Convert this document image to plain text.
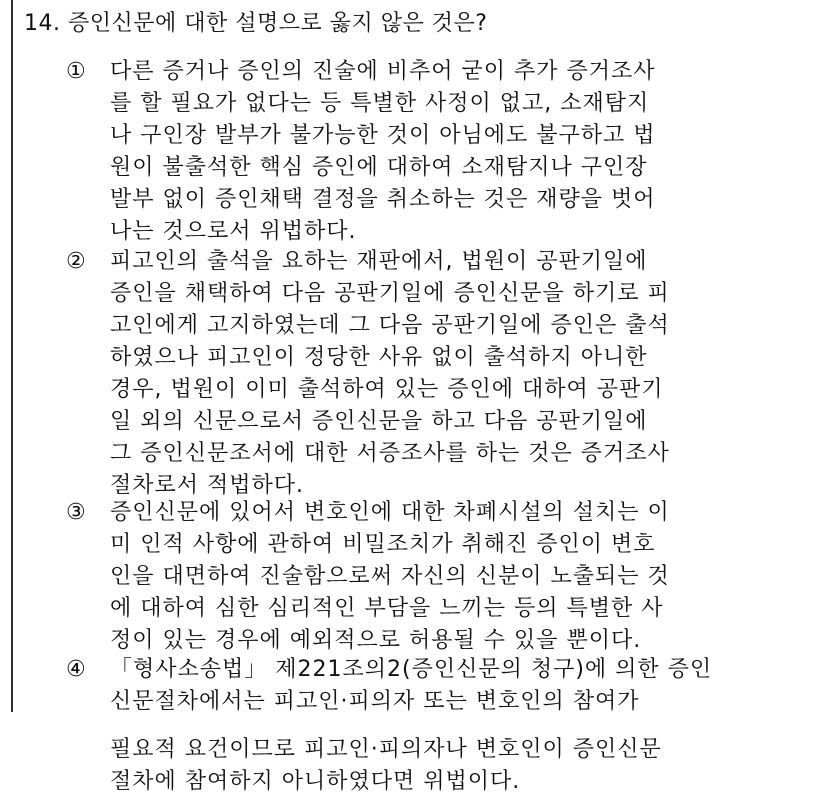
14. 증인신문에 대한 설명으로 옳지 않은 것은?
①	다른 증거나 증인의 진술에 비추어 굳이 추가 증거조사
를 할 필요가 없다는 등 특별한 사정이 없고, 소재탐지
나 구인장 발부가 불가능한 것이 아님에도 불구하고 법
원이 불출석한 핵심 증인에 대하여 소재탐지나 구인장
발부 없이 증인채택 결정을 취소하는 것은 재량을 벗어
나는 것으로서 위법하다.
②	피고인의 출석을 요하는 재판에서, 법원이 공판기일에
증인을 채택하여 다음 공판기일에 증인신문을 하기로 피
고인에게 고지하였는데 그 다음 공판기일에 증인은 출석
하였으나 피고인이 정당한 사유 없이 출석하지 아니한
경우, 법원이 이미 출석하여 있는 증인에 대하여 공판기
일 외의 신문으로서 증인신문을 하고 다음 공판기일에
그 증인신문조서에 대한 서증조사를 하는 것은 증거조사
절차로서 적법하다.
③	증인신문에 있어서 변호인에 대한 차폐시설의 설치는 이
미 인적 사항에 관하여 비밀조치가 취해진 증인이 변호
인을 대면하여 진술함으로써 자신의 신분이 노출되는 것
에 대하여 심한 심리적인 부담을 느끼는 등의 특별한 사
정이 있는 경우에 예외적으로 허용될 수 있을 뿐이다.
④	「형사소송법」 제221조의2(증인신문의 청구)에 의한 증인
신문절차에서는 피고인·피의자 또는 변호인의 참여가
필요적 요건이므로 피고인·피의자나 변호인이 증인신문
절차에 참여하지 아니하였다면 위법이다.
